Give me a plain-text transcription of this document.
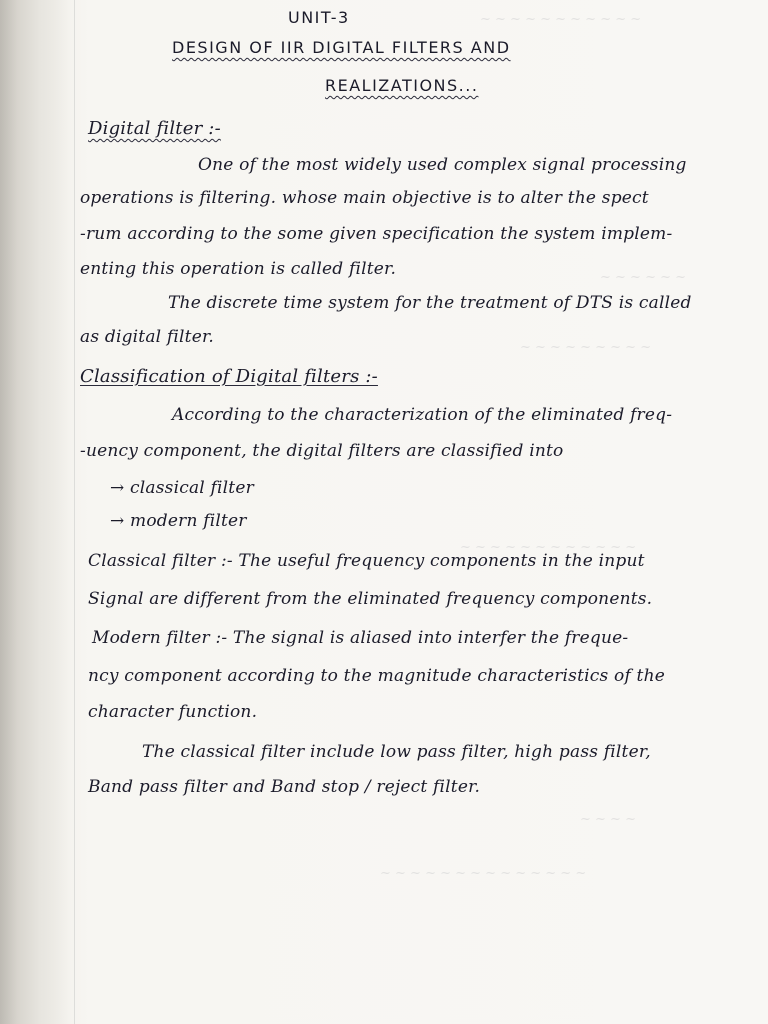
UNIT-3
DESIGN OF IIR DIGITAL FILTERS AND
REALIZATIONS...
Digital filter :-
One of the most widely used complex signal processing
operations is filtering. whose main objective is to alter the spect
-rum according to the some given specification the system implem-
enting this operation is called filter.
The discrete time system for the treatment of DTS is called
as digital filter.
Classification of Digital filters :-
According to the characterization of the eliminated freq-
-uency component, the digital filters are classified into
→ classical filter
→ modern filter
Classical filter :- The useful frequency components in the input
Signal are different from the eliminated frequency components.
Modern filter :- The signal is aliased into interfer the freque-
ncy component according to the magnitude characteristics of the
character function.
The classical filter include low pass filter, high pass filter,
Band pass filter and Band stop / reject filter.
~ ~ ~ ~ ~ ~ ~ ~ ~ ~ ~
~ ~ ~ ~ ~ ~
~ ~ ~ ~ ~ ~ ~ ~ ~
~ ~ ~ ~ ~ ~ ~ ~ ~ ~ ~ ~
~ ~ ~ ~
~ ~ ~ ~ ~ ~ ~ ~ ~ ~ ~ ~ ~ ~
